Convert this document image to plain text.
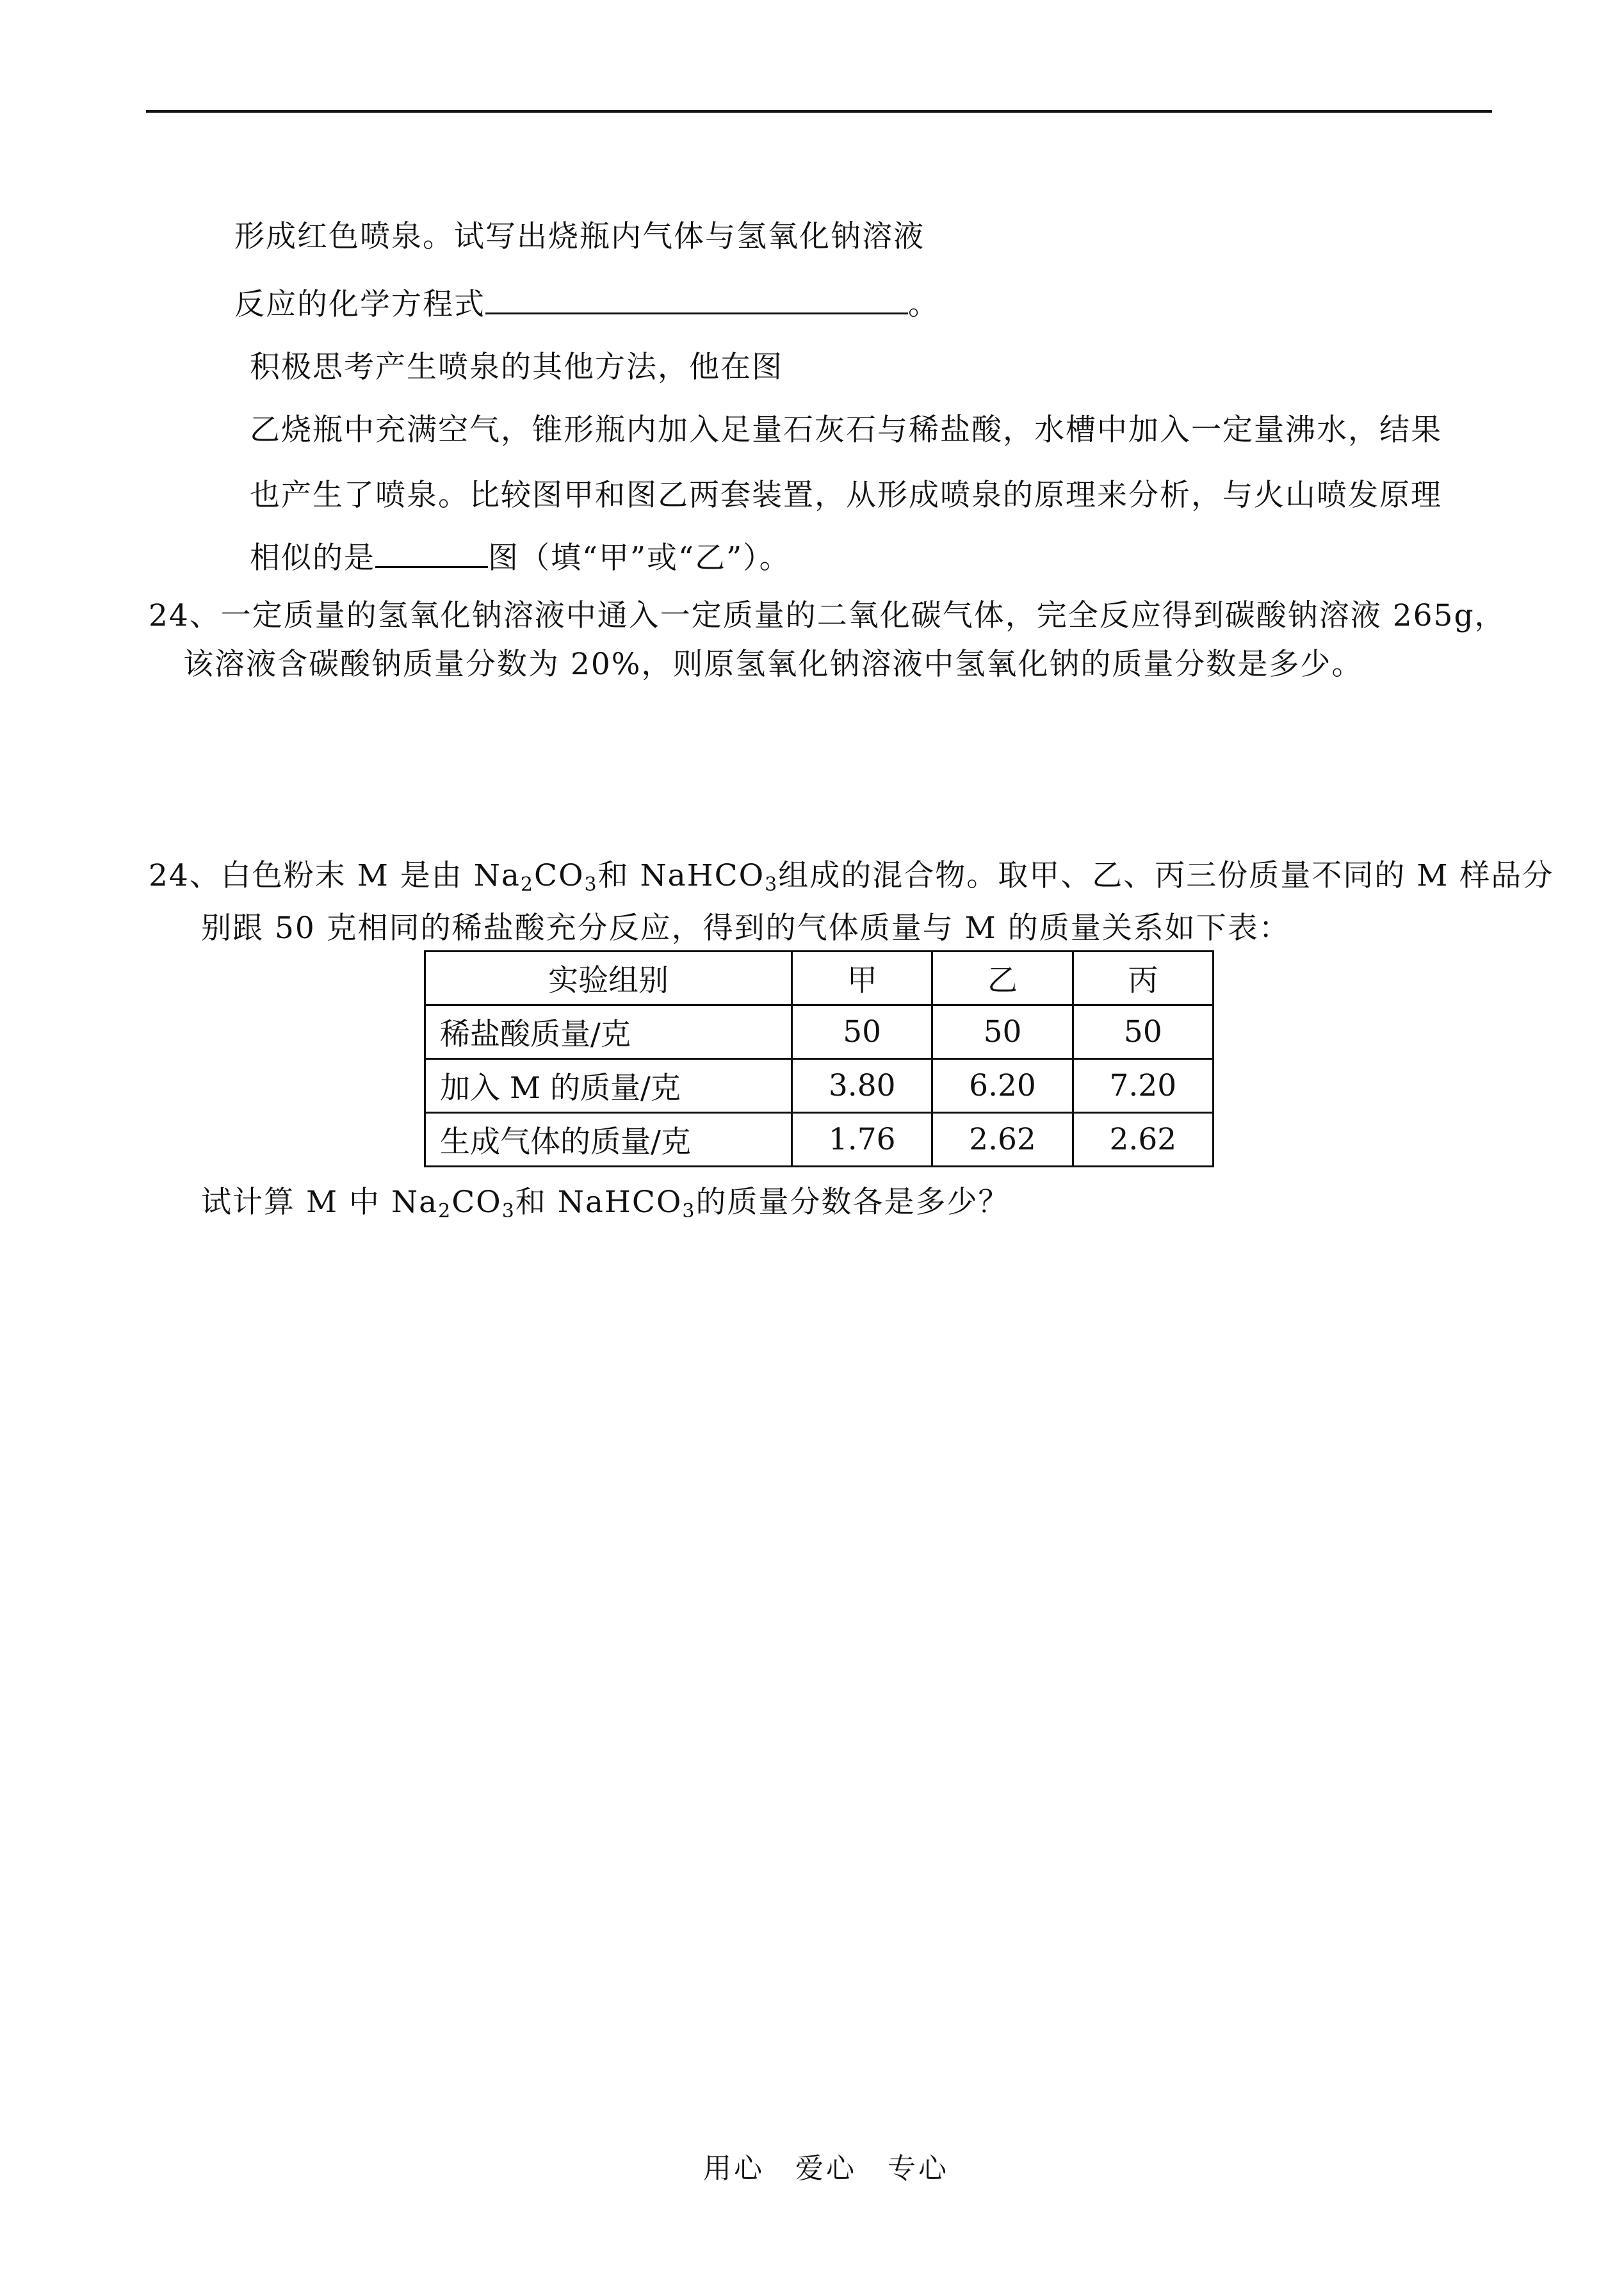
形成红色喷泉。试写出烧瓶内气体与氢氧化钠溶液
反应的化学方程式	。
积极思考产生喷泉的其他方法，他在图
乙烧瓶中充满空气，锥形瓶内加入足量石灰石与稀盐酸，水槽中加入一定量沸水，结果
也产生了喷泉。比较图甲和图乙两套装置，从形成喷泉的原理来分析，与火山喷发原理
相似的是	图（填“甲”或“乙”）。
24、一定质量的氢氧化钠溶液中通入一定质量的二氧化碳气体，完全反应得到碳酸钠溶液 265g，
该溶液含碳酸钠质量分数为 20%，则原氢氧化钠溶液中氢氧化钠的质量分数是多少。
24、白色粉末 M 是由 $Na_2CO_3$和 NaHCO$_3$组成的混合物。取甲、乙、丙三份质量不同的 M 样品分
别跟 50 克相同的稀盐酸充分反应，得到的气体质量与 M 的质量关系如下表：
实验组别	甲	乙	丙
稀盐酸质量/克	50	50	50
加入 M 的质量/克	3.80	6.20	7.20
生成气体的质量/克	1.76	2.62	2.62
试计算 M 中 $Na_2CO_3$和 NaHCO$_3$的质量分数各是多少？
用心　爱心　专心
